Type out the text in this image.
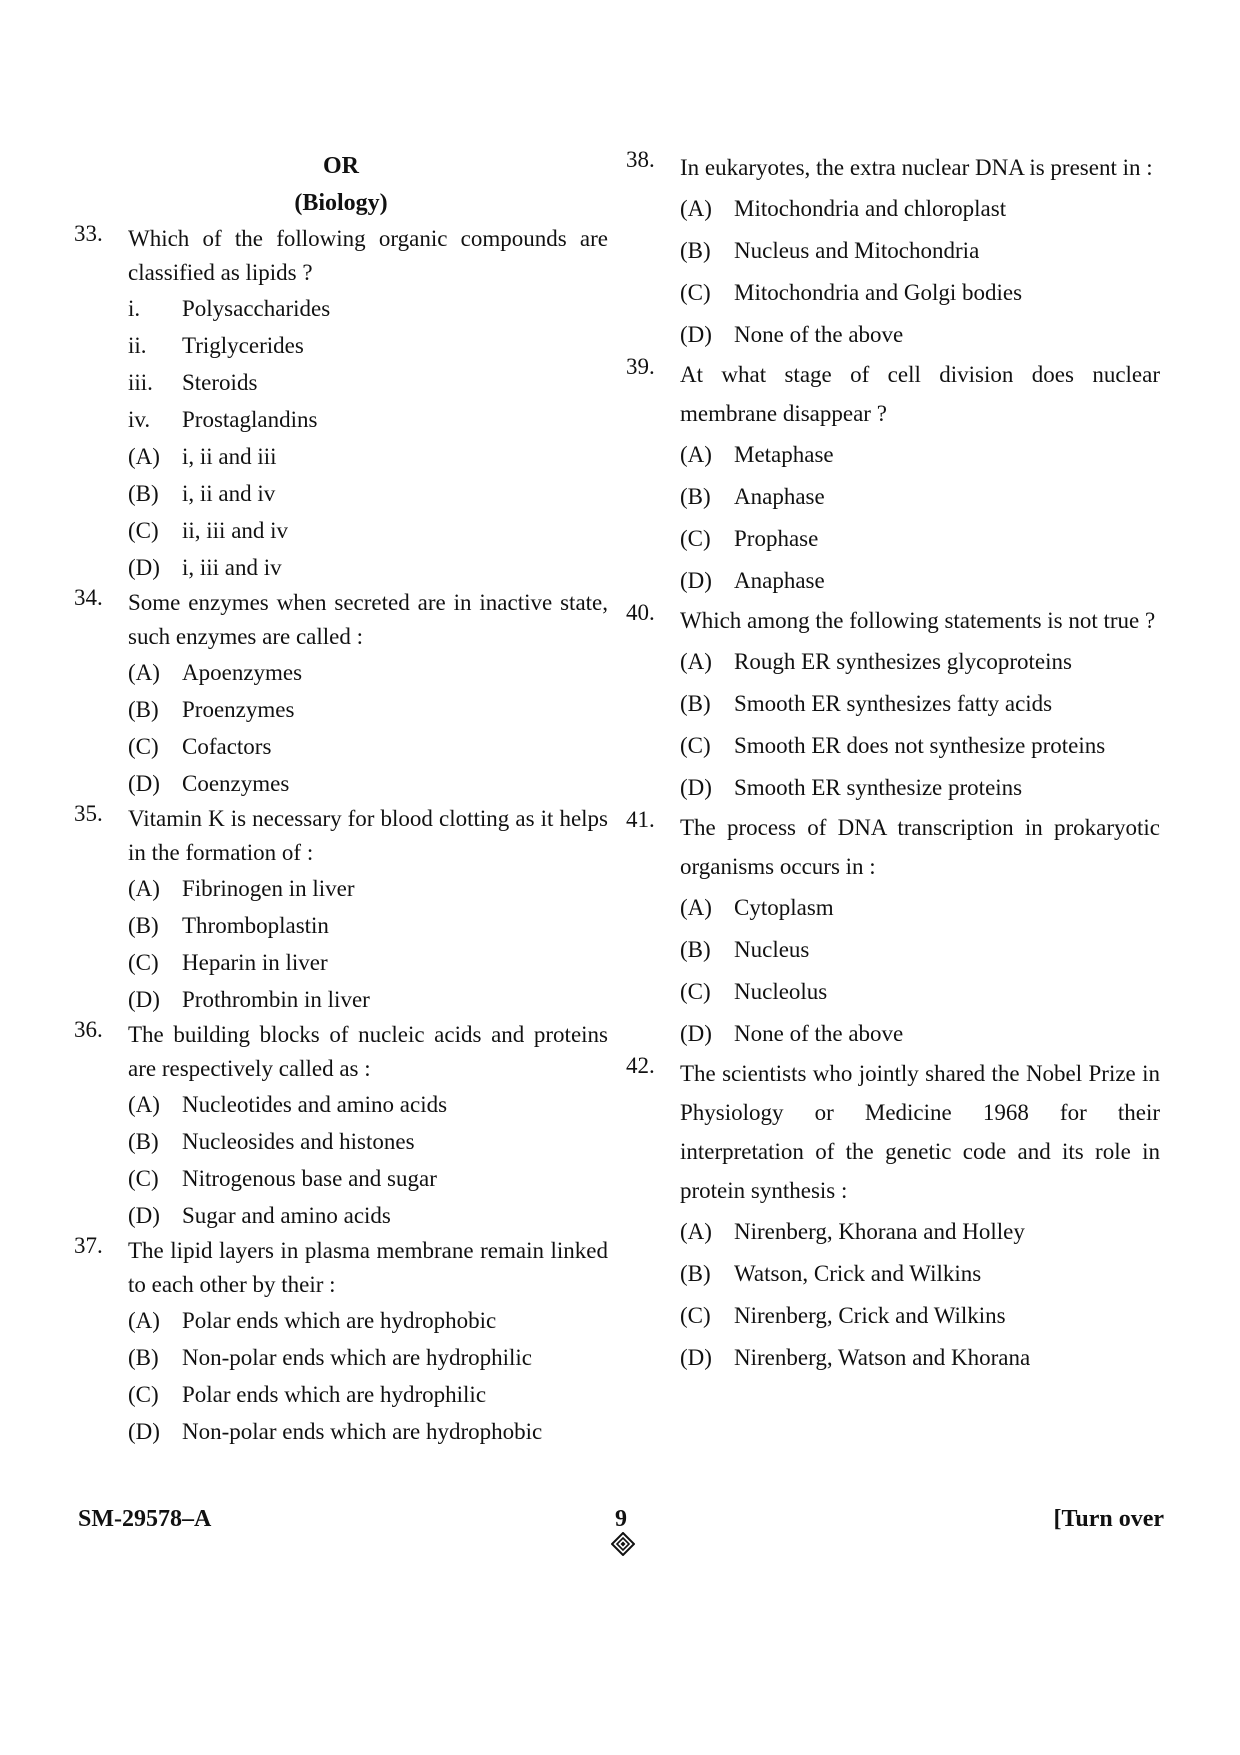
OR
(Biology)
33.	Which of the following organic compounds are classified as lipids ?
i.	Polysaccharides
ii.	Triglycerides
iii.	Steroids
iv.	Prostaglandins
(A) i, ii and iii
(B)	i, ii and iv
(C)	ii, iii and iv
(D) i, iii and iv
34.	Some enzymes when secreted are in inactive state, such enzymes are called :
(A) Apoenzymes
(B)	Proenzymes
(C)	Cofactors
(D) Coenzymes
35.	Vitamin K is necessary for blood clotting as it helps in the formation of :
(A) Fibrinogen in liver
(B)	Thromboplastin
(C)	Heparin in liver
(D) Prothrombin in liver
36.	The building blocks of nucleic acids and proteins are respectively called as :
(A) Nucleotides and amino acids
(B)	Nucleosides and histones
(C)	Nitrogenous base and sugar
(D) Sugar and amino acids
37.	The lipid layers in plasma membrane remain linked to each other by their :
(A) Polar ends which are hydrophobic
(B)	Non-polar ends which are hydrophilic
(C)	Polar ends which are hydrophilic
(D) Non-polar ends which are hydrophobic
38.	In eukaryotes, the extra nuclear DNA is present in :
(A) Mitochondria and chloroplast
(B)	Nucleus and Mitochondria
(C)	Mitochondria and Golgi bodies
(D) None of the above
39.	At what stage of cell division does nuclear membrane disappear ?
(A) Metaphase
(B)	Anaphase
(C)	Prophase
(D) Anaphase
40.	Which among the following statements is not true ?
(A) Rough ER synthesizes glycoproteins
(B)	Smooth ER synthesizes fatty acids
(C)	Smooth ER does not synthesize proteins
(D) Smooth ER synthesize proteins
41.	The process of DNA transcription in prokaryotic organisms occurs in :
(A) Cytoplasm
(B)	Nucleus
(C)	Nucleolus
(D) None of the above
42.	The scientists who jointly shared the Nobel Prize in Physiology or Medicine 1968 for their interpretation of the genetic code and its role in protein synthesis :
(A) Nirenberg, Khorana and Holley
(B)	Watson, Crick and Wilkins
(C)	Nirenberg, Crick and Wilkins
(D) Nirenberg, Watson and Khorana
SM-29578–A	9	[Turn over
